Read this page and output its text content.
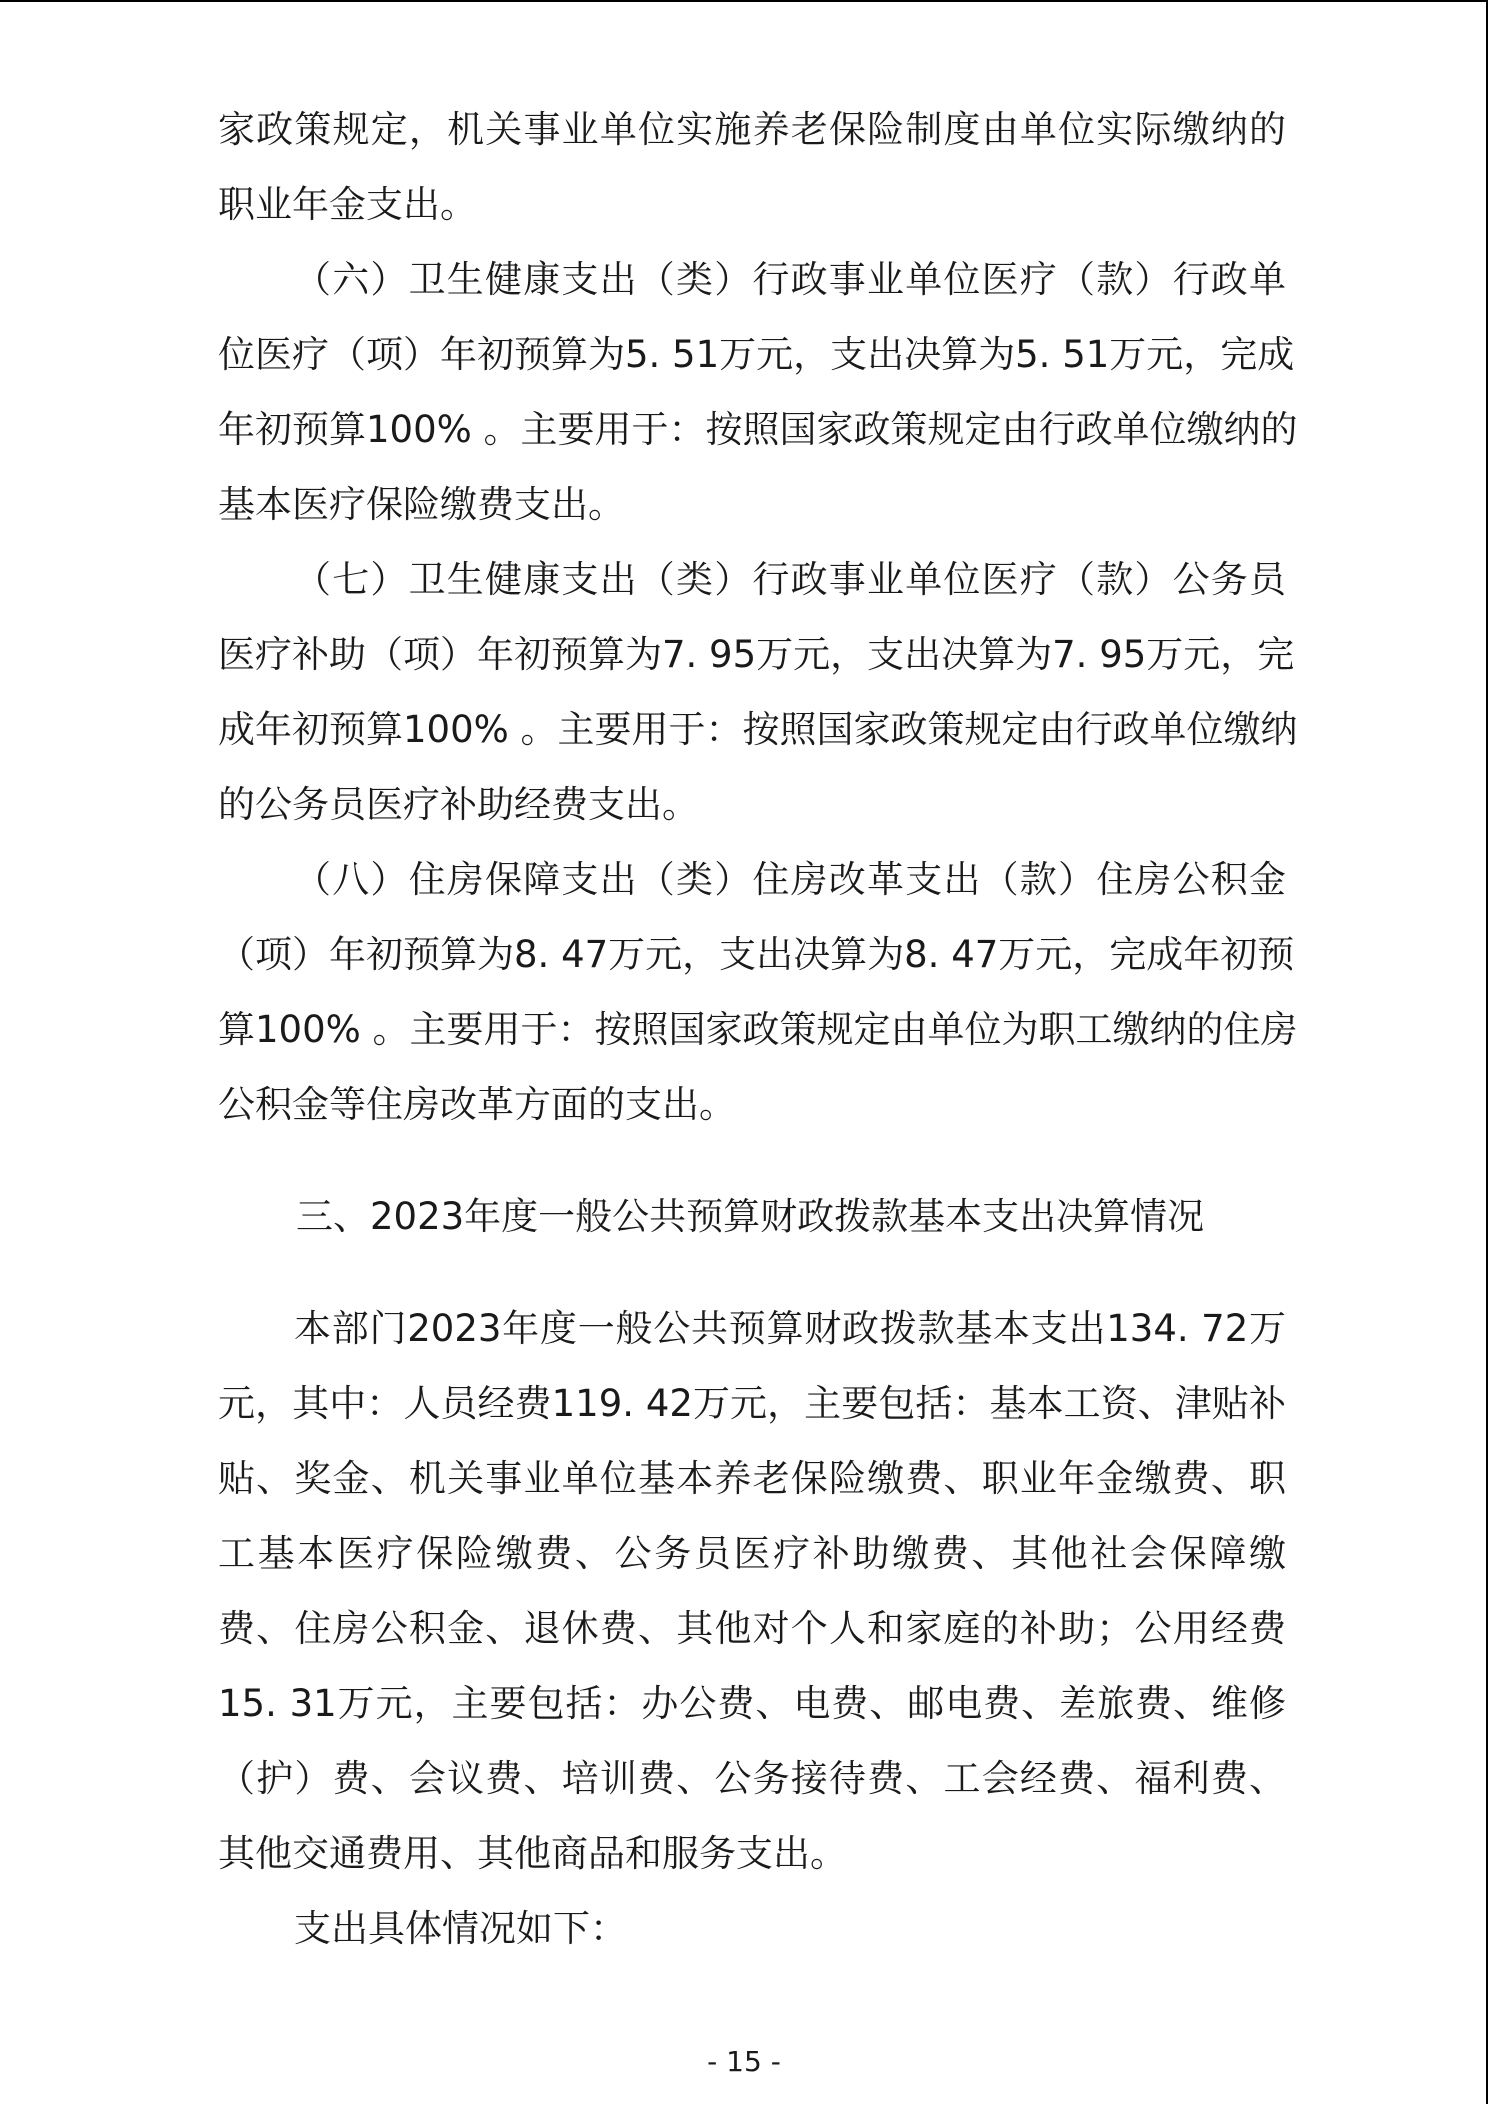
家政策规定，机关事业单位实施养老保险制度由单位实际缴纳的
职业年金支出。
（六）卫生健康支出（类）行政事业单位医疗（款）行政单
位医疗（项）年初预算为5. 51万元，支出决算为5. 51万元，完成
年初预算100% 。主要用于：按照国家政策规定由行政单位缴纳的
基本医疗保险缴费支出。
（七）卫生健康支出（类）行政事业单位医疗（款）公务员
医疗补助（项）年初预算为7. 95万元，支出决算为7. 95万元，完
成年初预算100% 。主要用于：按照国家政策规定由行政单位缴纳
的公务员医疗补助经费支出。
（八）住房保障支出（类）住房改革支出（款）住房公积金
（项）年初预算为8. 47万元，支出决算为8. 47万元，完成年初预
算100% 。主要用于：按照国家政策规定由单位为职工缴纳的住房
公积金等住房改革方面的支出。
三、2023年度一般公共预算财政拨款基本支出决算情况
本部门2023年度一般公共预算财政拨款基本支出134. 72万
元，其中：人员经费119. 42万元，主要包括：基本工资、津贴补
贴、奖金、机关事业单位基本养老保险缴费、职业年金缴费、职
工基本医疗保险缴费、公务员医疗补助缴费、其他社会保障缴
费、住房公积金、退休费、其他对个人和家庭的补助；公用经费
15. 31万元，主要包括：办公费、电费、邮电费、差旅费、维修
（护）费、会议费、培训费、公务接待费、工会经费、福利费、
其他交通费用、其他商品和服务支出。
支出具体情况如下：
- 15 -
